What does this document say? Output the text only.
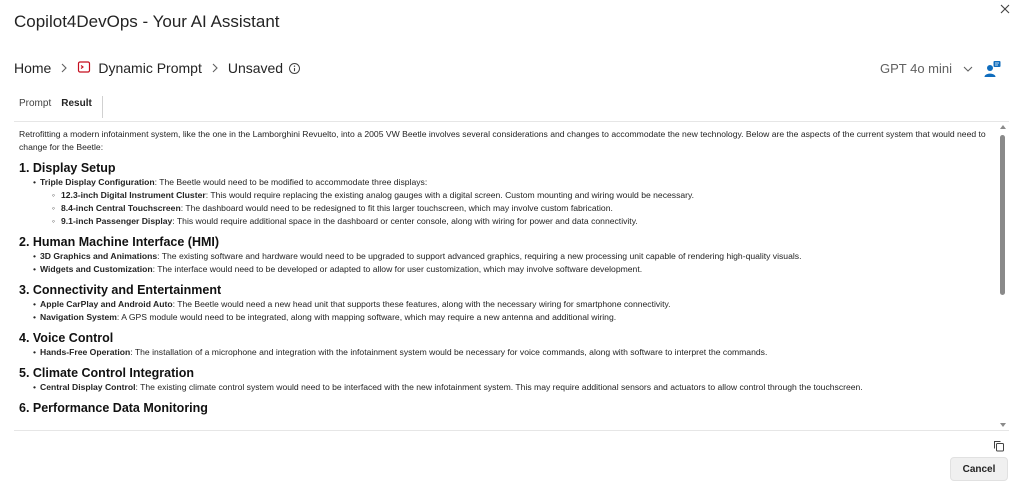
Copilot4DevOps - Your AI Assistant
Home	Dynamic Prompt Unsaved	GPT 4o mini
Prompt	Result

Retrofitting a modern infotainment system, like the one in the Lamborghini Revuelto, into a 2005 VW Beetle involves several considerations and changes to accommodate the new technology. Below are the aspects of the current system that would need to change for the Beetle:

1. Display Setup
• Triple Display Configuration: The Beetle would need to be modified to accommodate three displays:
◦ 12.3-inch Digital Instrument Cluster: This would require replacing the existing analog gauges with a digital screen. Custom mounting and wiring would be necessary.
◦ 8.4-inch Central Touchscreen: The dashboard would need to be redesigned to fit this larger touchscreen, which may involve custom fabrication.
◦ 9.1-inch Passenger Display: This would require additional space in the dashboard or center console, along with wiring for power and data connectivity.
2. Human Machine Interface (HMI)
• 3D Graphics and Animations: The existing software and hardware would need to be upgraded to support advanced graphics, requiring a new processing unit capable of rendering high-quality visuals.
• Widgets and Customization: The interface would need to be developed or adapted to allow for user customization, which may involve software development.
3. Connectivity and Entertainment
• Apple CarPlay and Android Auto: The Beetle would need a new head unit that supports these features, along with the necessary wiring for smartphone connectivity.
• Navigation System: A GPS module would need to be integrated, along with mapping software, which may require a new antenna and additional wiring.
4. Voice Control
• Hands-Free Operation: The installation of a microphone and integration with the infotainment system would be necessary for voice commands, along with software to interpret the commands.
5. Climate Control Integration
• Central Display Control: The existing climate control system would need to be interfaced with the new infotainment system. This may require additional sensors and actuators to allow control through the touchscreen.
6. Performance Data Monitoring
Cancel
